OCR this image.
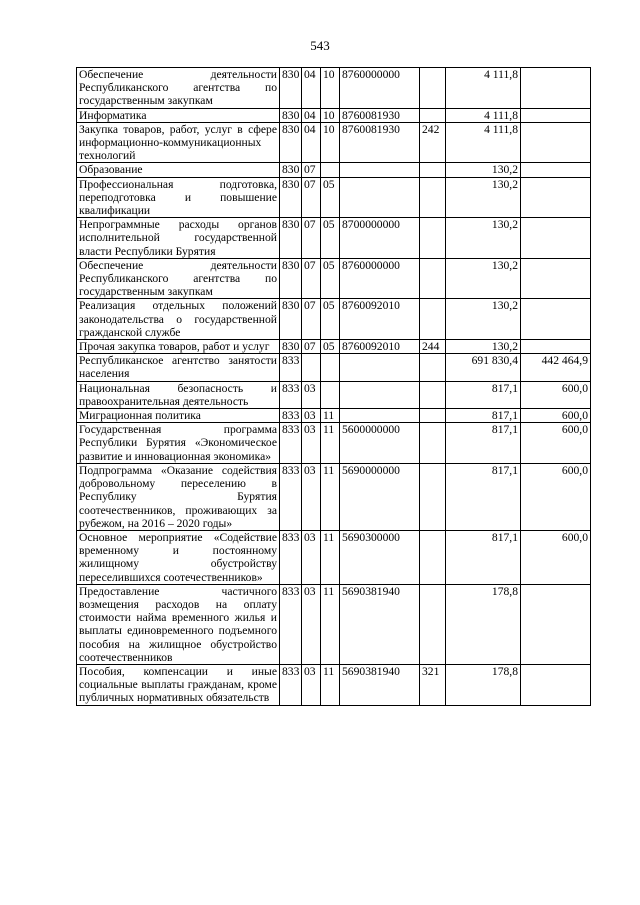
543
Обеспечение деятельности Республиканского агентства по государственным закупкам	830	04	10	8760000000		4 111,8	
Информатика	830	04	10	8760081930		4 111,8	
Закупка товаров, работ, услуг в сфере информационно-коммуникационных технологий	830	04	10	8760081930	242	4 111,8	
Образование	830	07				130,2	
Профессиональная подготовка, переподготовка и повышение квалификации	830	07	05			130,2	
Непрограммные расходы органов исполнительной государственной власти Республики Бурятия	830	07	05	8700000000		130,2	
Обеспечение деятельности Республиканского агентства по государственным закупкам	830	07	05	8760000000		130,2	
Реализация отдельных положений законодательства о государственной гражданской службе	830	07	05	8760092010		130,2	
Прочая закупка товаров, работ и услуг	830	07	05	8760092010	244	130,2	
Республиканское агентство занятости населения	833					691 830,4	442 464,9
Национальная безопасность и правоохранительная деятельность	833	03				817,1	600,0
Миграционная политика	833	03	11			817,1	600,0
Государственная программа Республики Бурятия «Экономическое развитие и инновационная экономика»	833	03	11	5600000000		817,1	600,0
Подпрограмма «Оказание содействия добровольному переселению в Республику Бурятия соотечественников, проживающих за рубежом, на 2016 – 2020 годы»	833	03	11	5690000000		817,1	600,0
Основное мероприятие «Содействие временному и постоянному жилищному обустройству переселившихся соотечественников»	833	03	11	5690300000		817,1	600,0
Предоставление частичного возмещения расходов на оплату стоимости найма временного жилья и выплаты единовременного подъемного пособия на жилищное обустройство соотечественников	833	03	11	5690381940		178,8	
Пособия, компенсации и иные социальные выплаты гражданам, кроме публичных нормативных обязательств	833	03	11	5690381940	321	178,8	
